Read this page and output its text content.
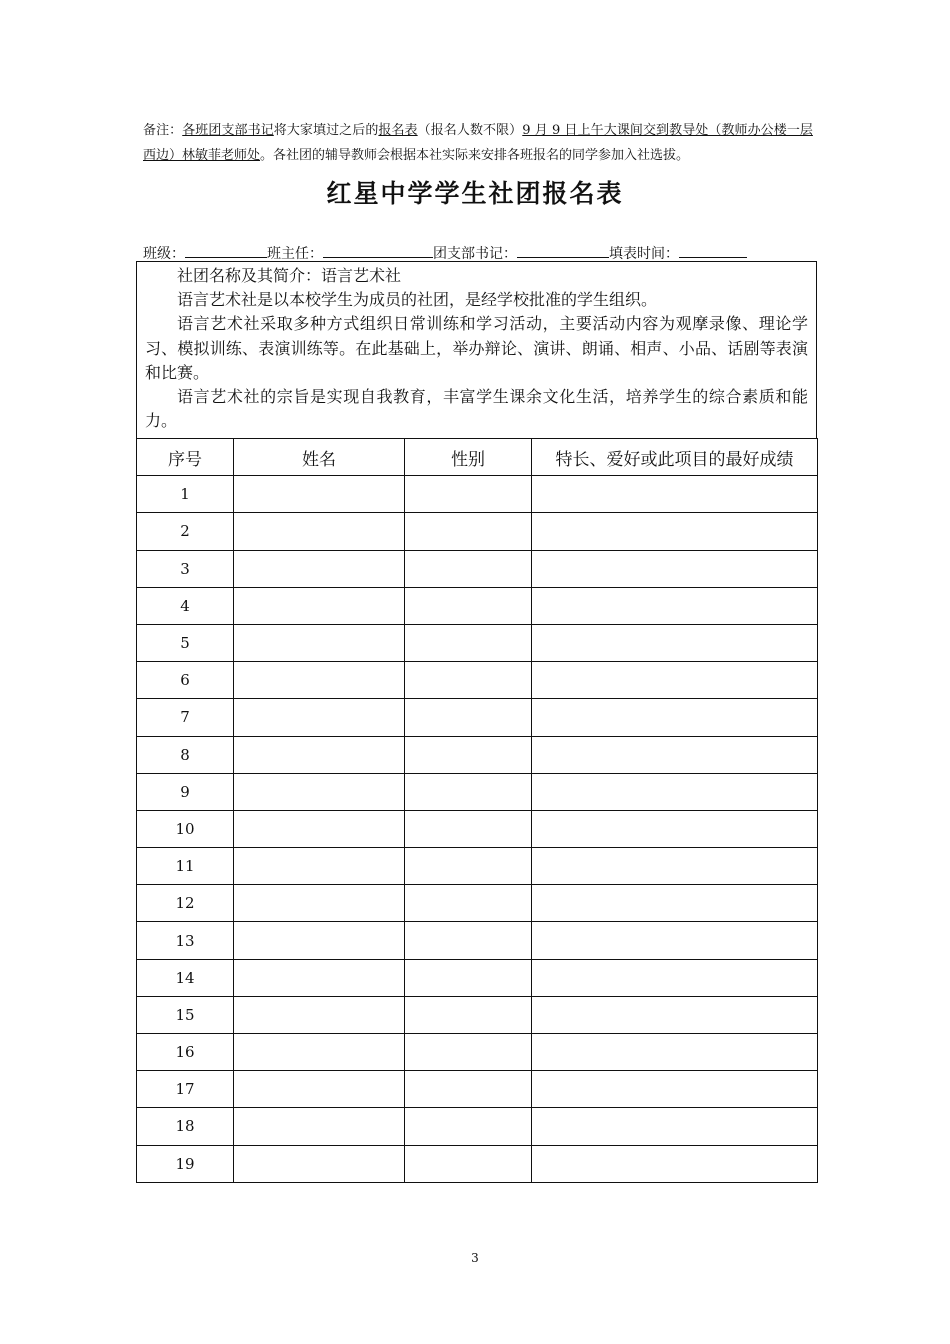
备注：各班团支部书记将大家填过之后的报名表（报名人数不限）9 月 9 日上午大课间交到教导处（教师办公楼一层西边）林敏菲老师处。各社团的辅导教师会根据本社实际来安排各班报名的同学参加入社选拔。
红星中学学生社团报名表
班级：	班主任：	团支部书记：	填表时间：

社团名称及其简介：语言艺术社

语言艺术社是以本校学生为成员的社团，是经学校批准的学生组织。

语言艺术社采取多种方式组织日常训练和学习活动，主要活动内容为观摩录像、理论学习、模拟训练、表演训练等。在此基础上，举办辩论、演讲、朗诵、相声、小品、话剧等表演和比赛。

语言艺术社的宗旨是实现自我教育，丰富学生课余文化生活，培养学生的综合素质和能力。

序号	姓名	性别	特长、爱好或此项目的最好成绩
1			
2			
3			
4			
5			
6			
7			
8			
9			
10			
11			
12			
13			
14			
15			
16			
17			
18			
19			
3
